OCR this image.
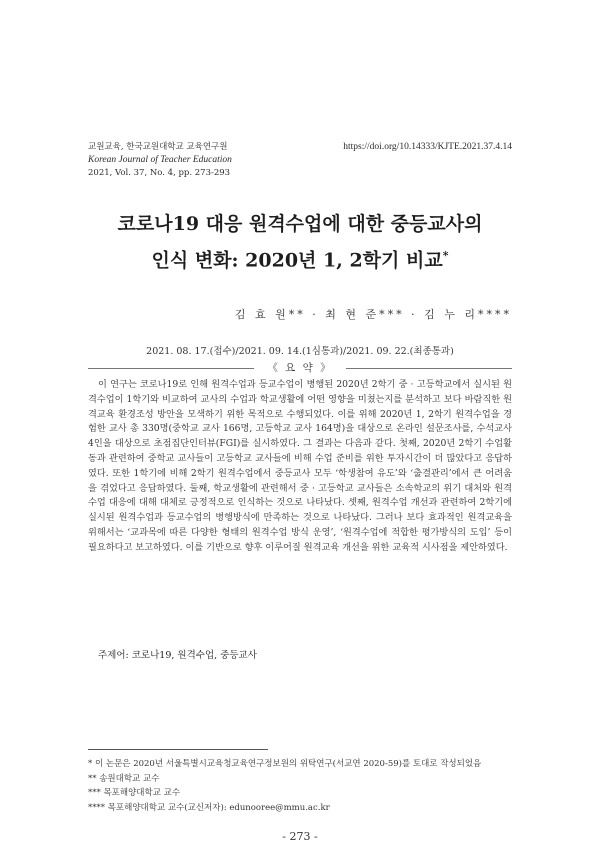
교원교육, 한국교원대학교 교육연구원
Korean Journal of Teacher Education
2021, Vol. 37, No. 4, pp. 273-293
https://doi.org/10.14333/KJTE.2021.37.4.14
코로나19 대응 원격수업에 대한 중등교사의
인식 변화: 2020년 1, 2학기 비교*
김 효 원** · 최 현 준*** · 김 누 리****
2021. 08. 17.(접수)/2021. 09. 14.(1심통과)/2021. 09. 22.(최종통과)
《 요 약 》

이 연구는 코로나19로 인해 원격수업과 등교수업이 병행된 2020년 2학기 중 · 고등학교에서 실시된 원격수업이 1학기와 비교하여 교사의 수업과 학교생활에 어떤 영향을 미쳤는지를 분석하고 보다 바람직한 원격교육 환경조성 방안을 모색하기 위한 목적으로 수행되었다. 이를 위해 2020년 1, 2학기 원격수업을 경험한 교사 총 330명(중학교 교사 166명, 고등학교 교사 164명)을 대상으로 온라인 설문조사를, 수석교사 4인을 대상으로 초점집단인터뷰(FGI)를 실시하였다. 그 결과는 다음과 같다. 첫째, 2020년 2학기 수업활동과 관련하여 중학교 교사들이 고등학교 교사들에 비해 수업 준비를 위한 투자시간이 더 많았다고 응답하였다. 또한 1학기에 비해 2학기 원격수업에서 중등교사 모두 ‘학생참여 유도’와 ‘출결관리’에서 큰 어려움을 겪었다고 응답하였다. 둘째, 학교생활에 관련해서 중 · 고등학교 교사들은 소속학교의 위기 대처와 원격수업 대응에 대해 대체로 긍정적으로 인식하는 것으로 나타났다. 셋째, 원격수업 개선과 관련하여 2학기에 실시된 원격수업과 등교수업의 병행방식에 만족하는 것으로 나타났다. 그러나 보다 효과적인 원격교육을 위해서는 ‘교과목에 따른 다양한 형태의 원격수업 방식 운영’, ‘원격수업에 적합한 평가방식의 도입’ 등이 필요하다고 보고하였다. 이를 기반으로 향후 이루어질 원격교육 개선을 위한 교육적 시사점을 제안하였다.

주제어: 코로나19, 원격수업, 중등교사
* 이 논문은 2020년 서울특별시교육청교육연구정보원의 위탁연구(서교연 2020-59)를 토대로 작성되었음
** 송원대학교 교수
*** 목포해양대학교 교수
**** 목포해양대학교 교수(교신저자): edunooree@mmu.ac.kr
- 273 -
